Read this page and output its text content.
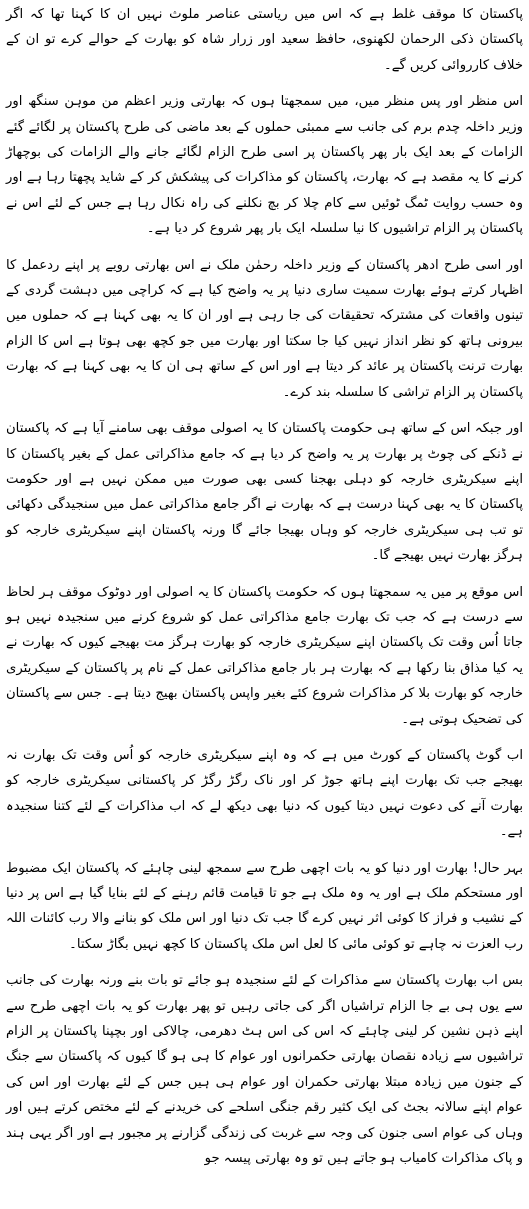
پاکستان کا موقف غلط ہے کہ اس میں ریاستی عناصر ملوث نہیں ان کا کہنا تھا کہ اگر پاکستان ذکی الرحمان لکھنوی، حافظ سعید اور زرار شاہ کو بھارت کے حوالے کرے تو ان کے خلاف کارروائی کریں گے۔

اس منظر اور پس منظر میں، میں سمجھتا ہوں کہ بھارتی وزیر اعظم من موہن سنگھ اور وزیر داخلہ چدم برم کی جانب سے ممبئی حملوں کے بعد ماضی کی طرح پاکستان پر لگائے گئے الزامات کے بعد ایک بار پھر پاکستان پر اسی طرح الزام لگائے جانے والے الزامات کی بوچھاڑ کرنے کا یہ مقصد ہے کہ بھارت، پاکستان کو مذاکرات کی پیشکش کر کے شاید پچھتا رہا ہے اور وہ حسب روایت ٹمگ ٹوئیں سے کام چلا کر بچ نکلنے کی راہ نکال رہا ہے جس کے لئے اس نے پاکستان پر الزام تراشیوں کا نیا سلسلہ ایک بار پھر شروع کر دیا ہے۔

اور اسی طرح ادھر پاکستان کے وزیر داخلہ رحمٰن ملک نے اس بھارتی رویے پر اپنے ردعمل کا اظہار کرتے ہوئے بھارت سمیت ساری دنیا پر یہ واضح کیا ہے کہ کراچی میں دہشت گردی کے تینوں واقعات کی مشترکہ تحقیقات کی جا رہی ہے اور ان کا یہ بھی کہنا ہے کہ حملوں میں بیرونی ہاتھ کو نظر انداز نہیں کیا جا سکتا اور بھارت میں جو کچھ بھی ہوتا ہے اس کا الزام بھارت ترنت پاکستان پر عائد کر دیتا ہے اور اس کے ساتھ ہی ان کا یہ بھی کہنا ہے کہ بھارت پاکستان پر الزام تراشی کا سلسلہ بند کرے۔

اور جبکہ اس کے ساتھ ہی حکومت پاکستان کا یہ اصولی موقف بھی سامنے آیا ہے کہ پاکستان نے ڈنکے کی چوٹ پر بھارت پر یہ واضح کر دیا ہے کہ جامع مذاکراتی عمل کے بغیر پاکستان کا اپنے سیکریٹری خارجہ کو دہلی بھجنا کسی بھی صورت میں ممکن نہیں ہے اور حکومت پاکستان کا یہ بھی کہنا درست ہے کہ بھارت نے اگر جامع مذاکراتی عمل میں سنجیدگی دکھائی تو تب ہی سیکریٹری خارجہ کو وہاں بھیجا جائے گا ورنہ پاکستان اپنے سیکریٹری خارجہ کو ہرگز بھارت نہیں بھیجے گا۔

اس موقع پر میں یہ سمجھتا ہوں کہ حکومت پاکستان کا یہ اصولی اور دوٹوک موقف ہر لحاظ سے درست ہے کہ جب تک بھارت جامع مذاکراتی عمل کو شروع کرنے میں سنجیدہ نہیں ہو جاتا اُس وقت تک پاکستان اپنے سیکریٹری خارجہ کو بھارت ہرگز مت بھیجے کیوں کہ بھارت نے یہ کیا مذاق بنا رکھا ہے کہ بھارت ہر بار جامع مذاکراتی عمل کے نام پر پاکستان کے سیکریٹری خارجہ کو بھارت بلا کر مذاکرات شروع کئے بغیر واپس پاکستان بھیج دیتا ہے۔ جس سے پاکستان کی تضحیک ہوتی ہے۔

اب گوٹ پاکستان کے کورٹ میں ہے کہ وہ اپنے سیکریٹری خارجہ کو اُس وقت تک بھارت نہ بھیجے جب تک بھارت اپنے ہاتھ جوڑ کر اور ناک رگڑ رگڑ کر پاکستانی سیکریٹری خارجہ کو بھارت آنے کی دعوت نہیں دیتا کیوں کہ دنیا بھی دیکھ لے کہ اب مذاکرات کے لئے کتنا سنجیدہ ہے۔

بہر حال! بھارت اور دنیا کو یہ بات اچھی طرح سے سمجھ لینی چاہئے کہ پاکستان ایک مضبوط اور مستحکم ملک ہے اور یہ وہ ملک ہے جو تا قیامت قائم رہنے کے لئے بنایا گیا ہے اس پر دنیا کے نشیب و فراز کا کوئی اثر نہیں کرے گا جب تک دنیا اور اس ملک کو بنانے والا رب کائنات اللہ رب العزت نہ چاہے تو کوئی مائی کا لعل اس ملک پاکستان کا کچھ نہیں بگاڑ سکتا۔

بس اب بھارت پاکستان سے مذاکرات کے لئے سنجیدہ ہو جائے تو بات بنے ورنہ بھارت کی جانب سے یوں ہی بے جا الزام تراشیاں اگر کی جاتی رہیں تو پھر بھارت کو یہ بات اچھی طرح سے اپنے ذہن نشین کر لینی چاہئے کہ اس کی اس ہٹ دھرمی، چالاکی اور بچپنا پاکستان پر الزام تراشیوں سے زیادہ نقصان بھارتی حکمرانوں اور عوام کا ہی ہو گا کیوں کہ پاکستان سے جنگ کے جنون میں زیادہ مبتلا بھارتی حکمران اور عوام ہی ہیں جس کے لئے بھارت اور اس کی عوام اپنے سالانہ بجٹ کی ایک کثیر رقم جنگی اسلحے کی خریدنے کے لئے مختص کرتے ہیں اور وہاں کی عوام اسی جنون کی وجہ سے غربت کی زندگی گزارنے پر مجبور ہے اور اگر یہی ہند و پاک مذاکرات کامیاب ہو جاتے ہیں تو وہ بھارتی پیسہ جو
